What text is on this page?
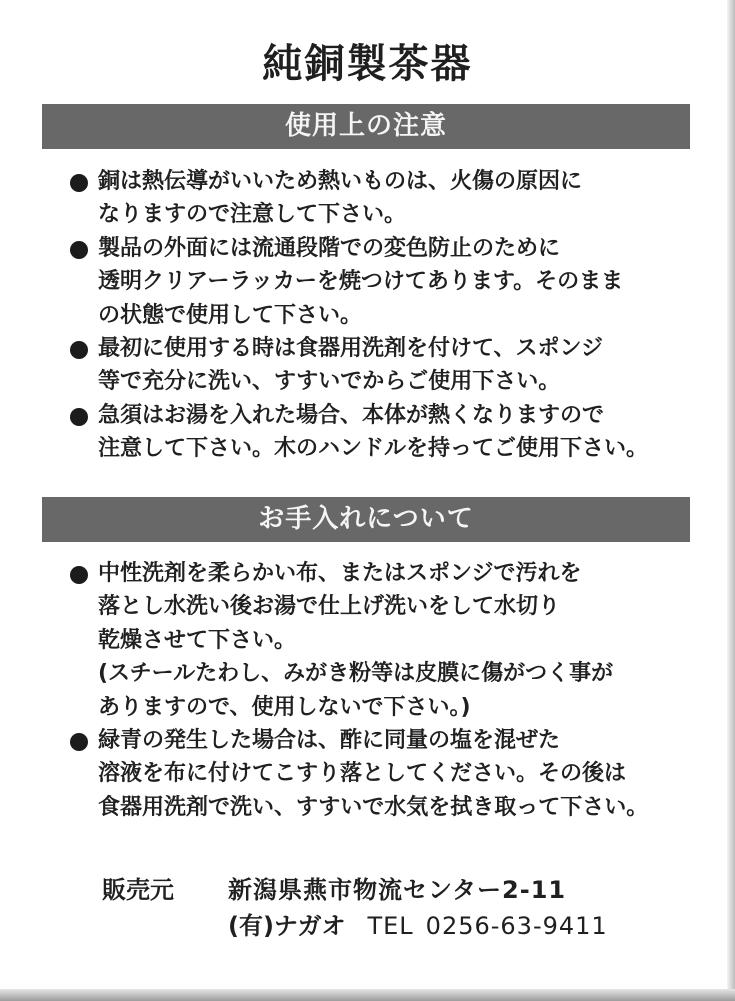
純銅製茶器
使用上の注意
銅は熱伝導がいいため熱いものは、火傷の原因に
なりますので注意して下さい。
製品の外面には流通段階での変色防止のために
透明クリアーラッカーを焼つけてあります。そのまま
の状態で使用して下さい。
最初に使用する時は食器用洗剤を付けて、スポンジ
等で充分に洗い、すすいでからご使用下さい。
急須はお湯を入れた場合、本体が熱くなりますので
注意して下さい。木のハンドルを持ってご使用下さい。
お手入れについて
中性洗剤を柔らかい布、またはスポンジで汚れを
落とし水洗い後お湯で仕上げ洗いをして水切り
乾燥させて下さい。
(スチールたわし、みがき粉等は皮膜に傷がつく事が
ありますので、使用しないで下さい。)
緑青の発生した場合は、酢に同量の塩を混ぜた
溶液を布に付けてこすり落としてください。その後は
食器用洗剤で洗い、すすいで水気を拭き取って下さい。
販売元 新潟県燕市物流センター2-11
(有)ナガオ TEL 0256-63-9411
